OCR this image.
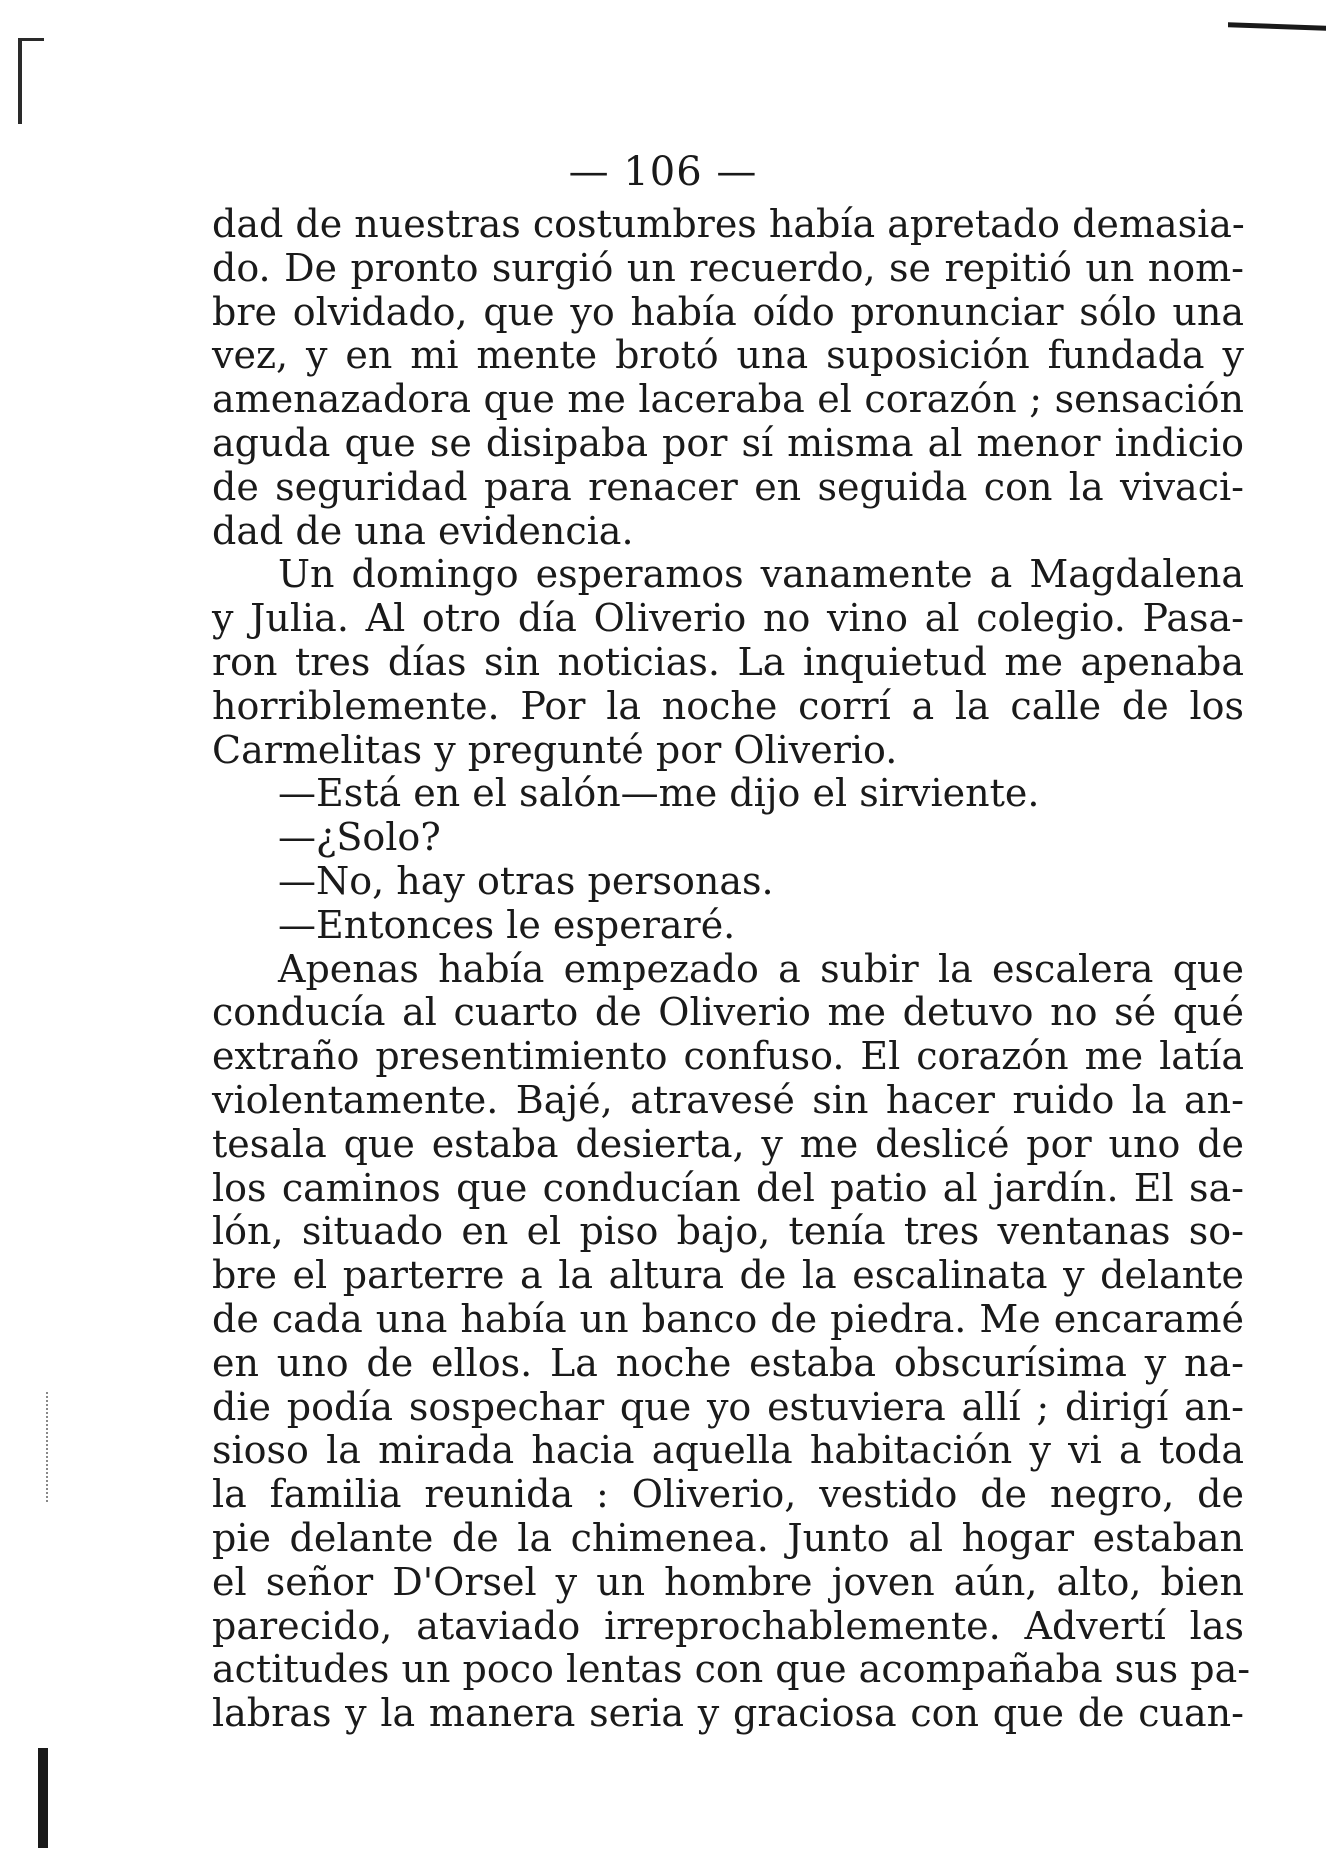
— 106 —
dad de nuestras costumbres había apretado demasia-
do. De pronto surgió un recuerdo, se repitió un nom-
bre olvidado, que yo había oído pronunciar sólo una
vez, y en mi mente brotó una suposición fundada y
amenazadora que me laceraba el corazón ; sensación
aguda que se disipaba por sí misma al menor indicio
de seguridad para renacer en seguida con la vivaci-
dad de una evidencia.
Un domingo esperamos vanamente a Magdalena
y Julia. Al otro día Oliverio no vino al colegio. Pasa-
ron tres días sin noticias. La inquietud me apenaba
horriblemente. Por la noche corrí a la calle de los
Carmelitas y pregunté por Oliverio.
—Está en el salón—me dijo el sirviente.
—¿Solo?
—No, hay otras personas.
—Entonces le esperaré.
Apenas había empezado a subir la escalera que
conducía al cuarto de Oliverio me detuvo no sé qué
extraño presentimiento confuso. El corazón me latía
violentamente. Bajé, atravesé sin hacer ruido la an-
tesala que estaba desierta, y me deslicé por uno de
los caminos que conducían del patio al jardín. El sa-
lón, situado en el piso bajo, tenía tres ventanas so-
bre el parterre a la altura de la escalinata y delante
de cada una había un banco de piedra. Me encaramé
en uno de ellos. La noche estaba obscurísima y na-
die podía sospechar que yo estuviera allí ; dirigí an-
sioso la mirada hacia aquella habitación y vi a toda
la familia reunida : Oliverio, vestido de negro, de
pie delante de la chimenea. Junto al hogar estaban
el señor D'Orsel y un hombre joven aún, alto, bien
parecido, ataviado irreprochablemente. Advertí las
actitudes un poco lentas con que acompañaba sus pa-
labras y la manera seria y graciosa con que de cuan-
